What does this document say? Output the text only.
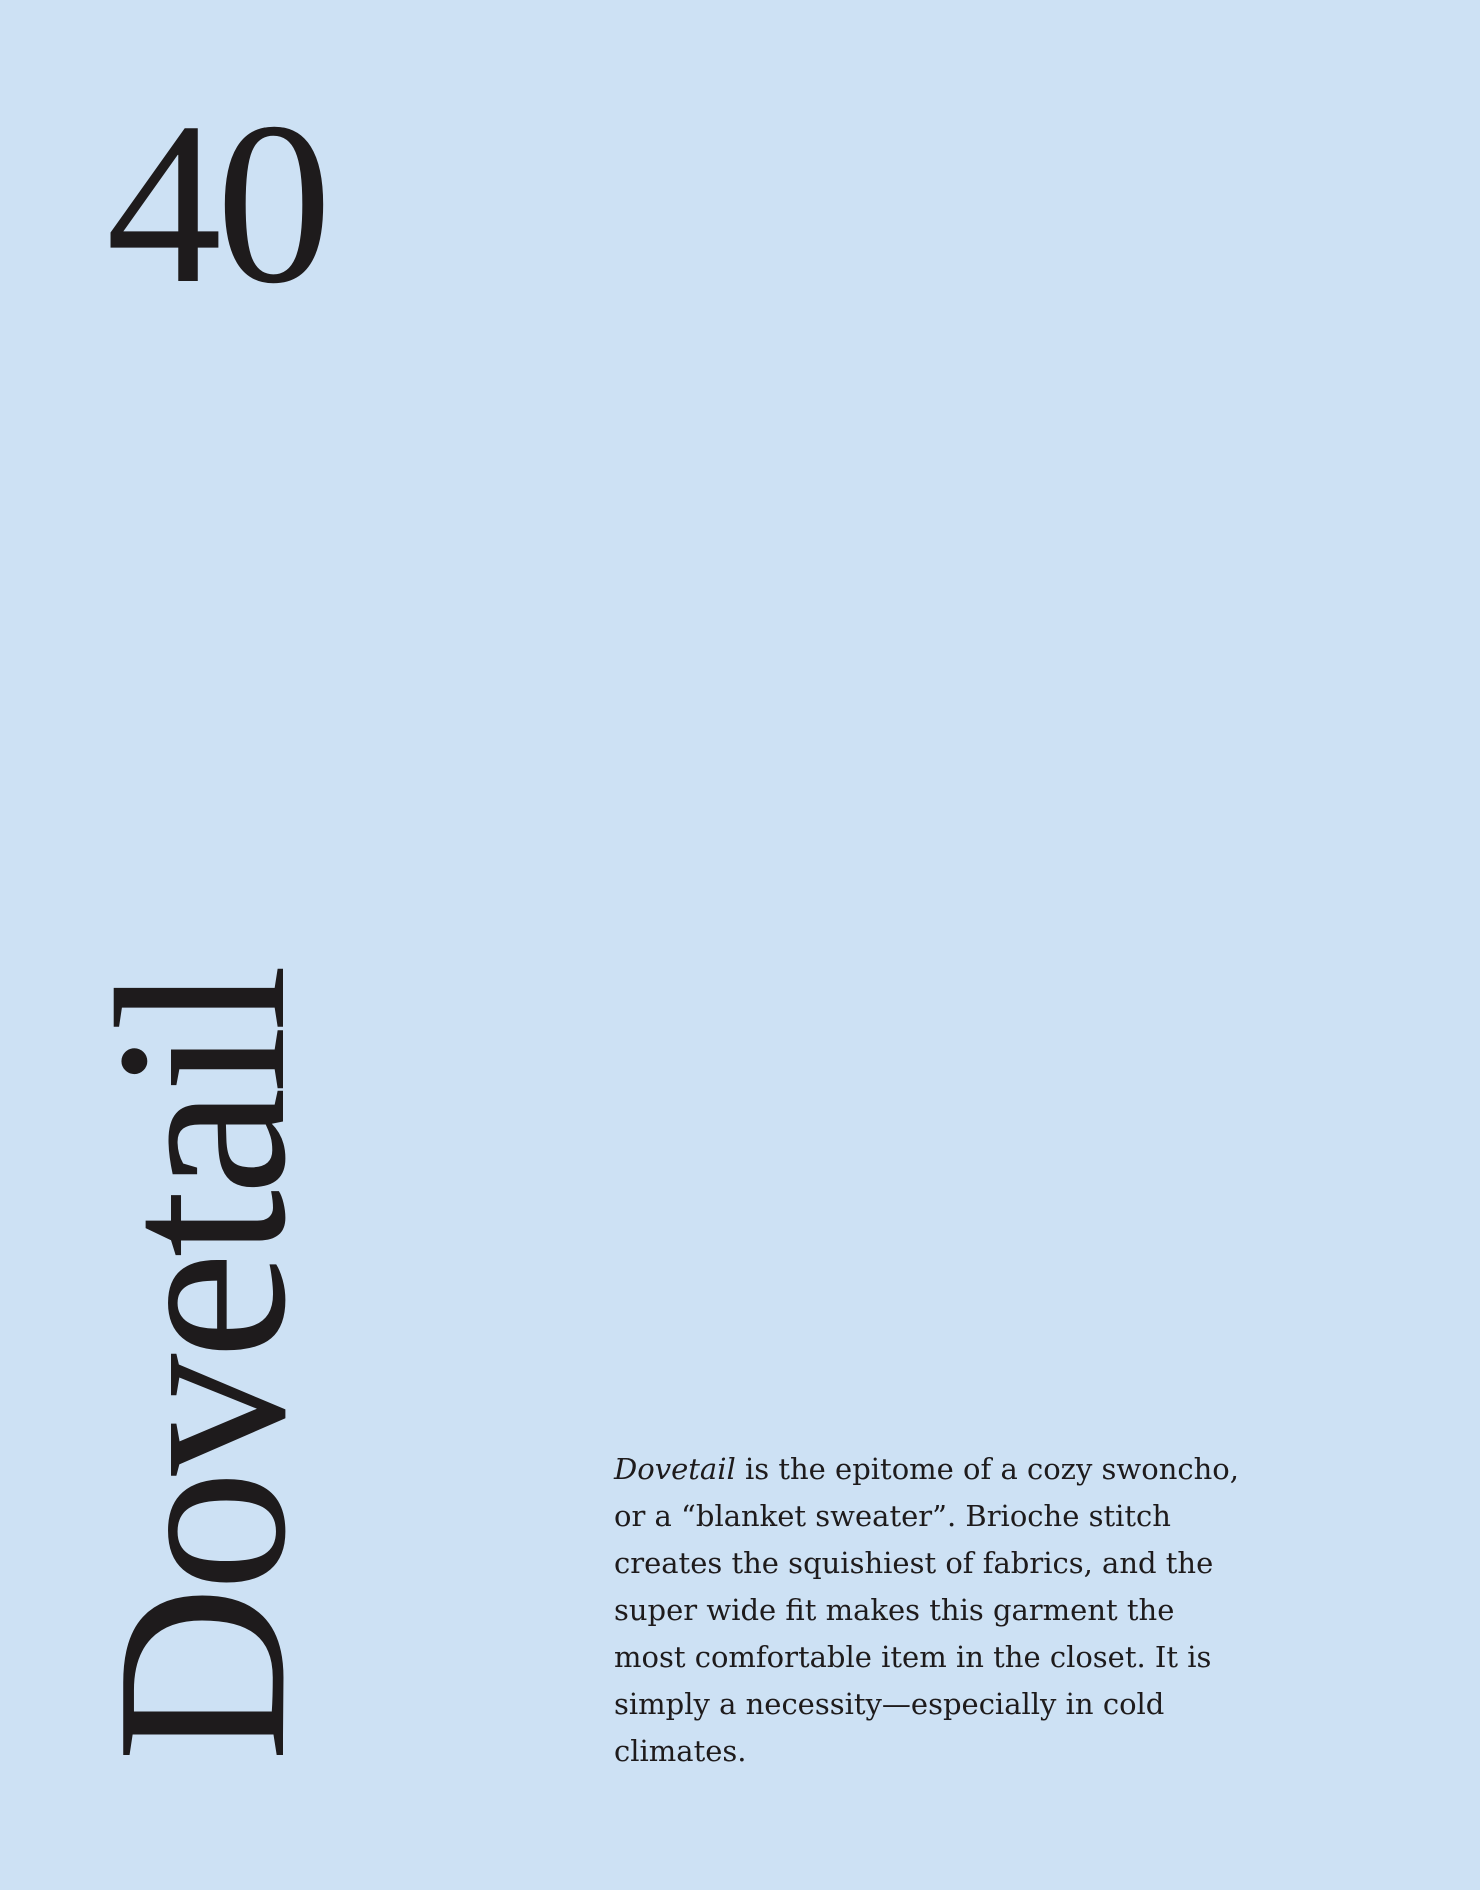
40
Dovetail	Dovetail is the epitome of a cozy swoncho,
or a “blanket sweater”. Brioche stitch
creates the squishiest of fabrics, and the
super wide fit makes this garment the
most comfortable item in the closet. It is
simply a necessity—especially in cold
climates.
